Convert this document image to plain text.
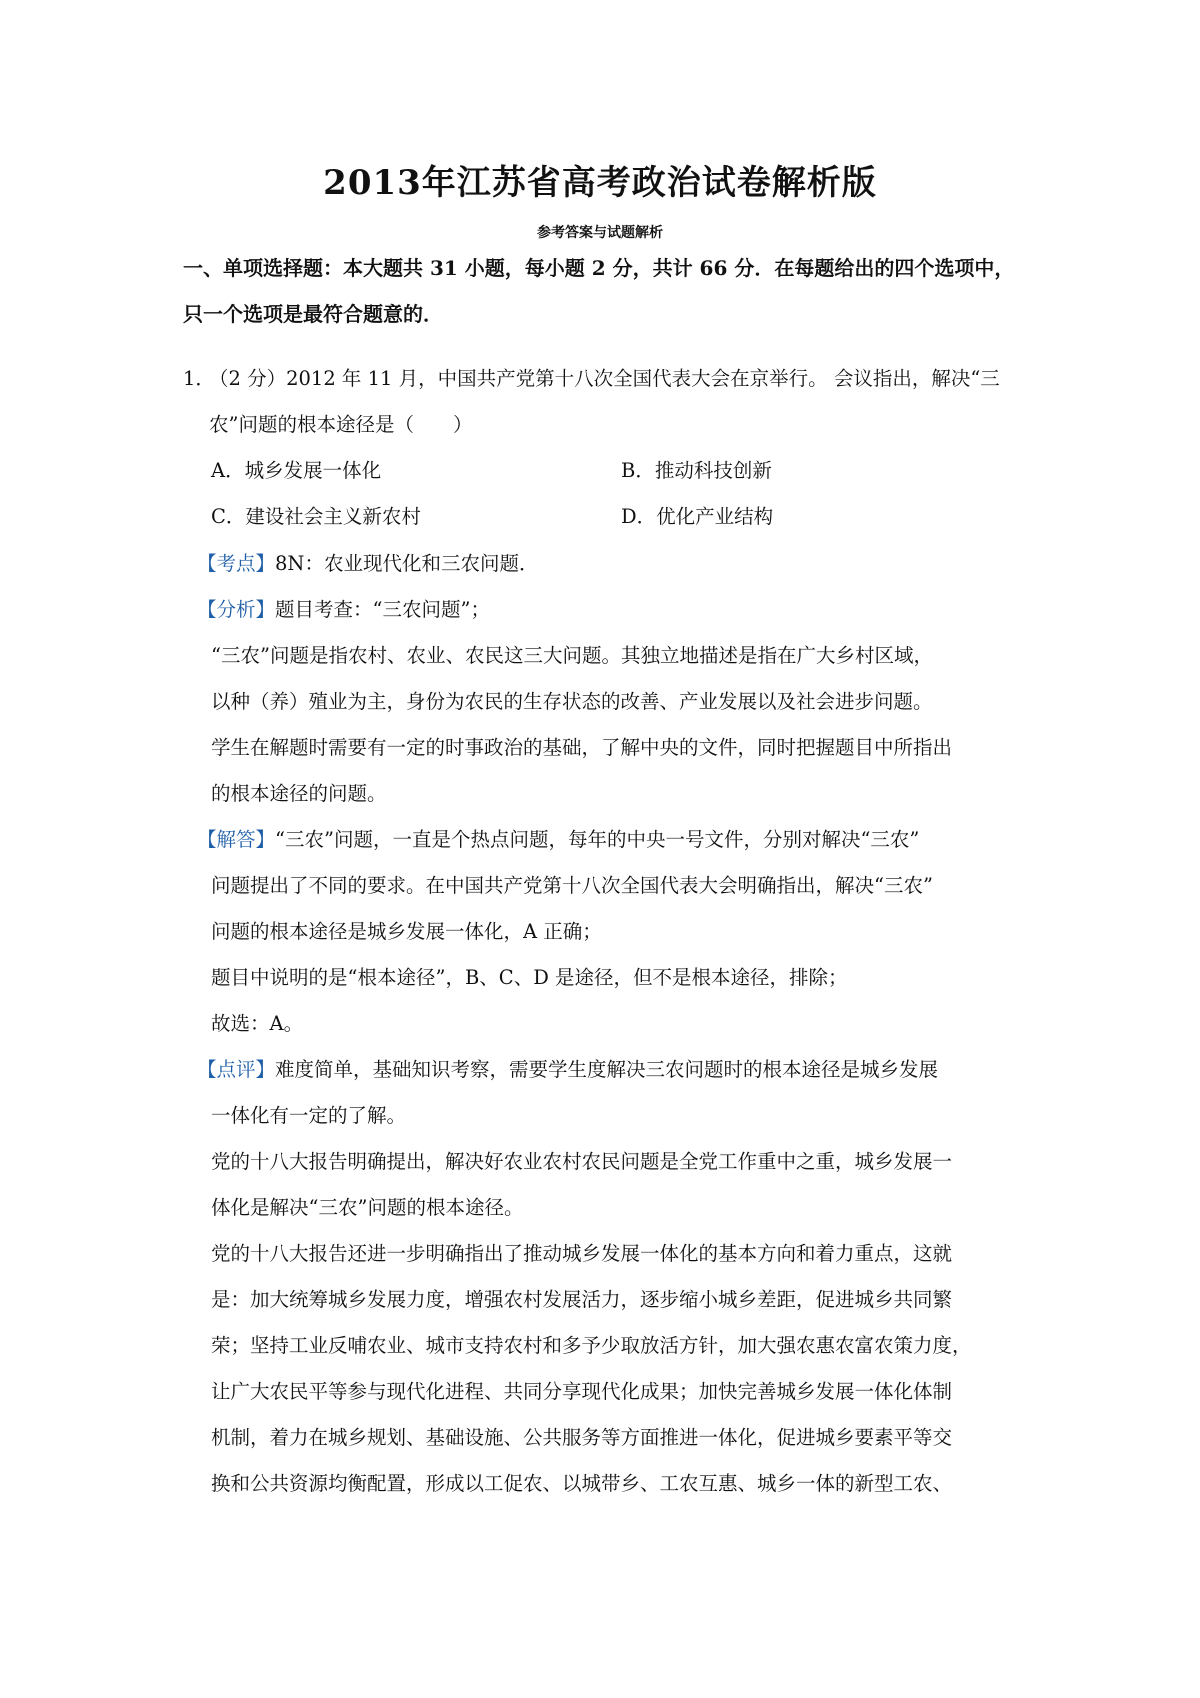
2013年江苏省高考政治试卷解析版
参考答案与试题解析
一、单项选择题：本大题共 31 小题，每小题 2 分，共计 66 分．在每题给出的四个选项中，
只一个选项是最符合题意的．
1．
（2 分）2012 年 11 月，中国共产党第十八次全国代表大会在京举行。 会议指出，解决“三
农”问题的根本途径是（　　）
A．城乡发展一体化	B．推动科技创新
C．建设社会主义新农村	D．优化产业结构

【考点】8N：农业现代化和三农问题．

【分析】题目考查：“三农问题”；

“三农”问题是指农村、农业、农民这三大问题。其独立地描述是指在广大乡村区域，

以种（养）殖业为主，身份为农民的生存状态的改善、产业发展以及社会进步问题。

学生在解题时需要有一定的时事政治的基础，了解中央的文件，同时把握题目中所指出

的根本途径的问题。

【解答】“三农”问题，一直是个热点问题，每年的中央一号文件，分别对解决“三农”

问题提出了不同的要求。在中国共产党第十八次全国代表大会明确指出，解决“三农”

问题的根本途径是城乡发展一体化，A 正确；

题目中说明的是“根本途径”，B、C、D 是途径，但不是根本途径，排除；

故选：A。

【点评】难度简单，基础知识考察，需要学生度解决三农问题时的根本途径是城乡发展

一体化有一定的了解。

党的十八大报告明确提出，解决好农业农村农民问题是全党工作重中之重，城乡发展一

体化是解决“三农”问题的根本途径。

党的十八大报告还进一步明确指出了推动城乡发展一体化的基本方向和着力重点，这就

是：加大统筹城乡发展力度，增强农村发展活力，逐步缩小城乡差距，促进城乡共同繁

荣；坚持工业反哺农业、城市支持农村和多予少取放活方针，加大强农惠农富农策力度，

让广大农民平等参与现代化进程、共同分享现代化成果；加快完善城乡发展一体化体制

机制，着力在城乡规划、基础设施、公共服务等方面推进一体化，促进城乡要素平等交

换和公共资源均衡配置，形成以工促农、以城带乡、工农互惠、城乡一体的新型工农、
